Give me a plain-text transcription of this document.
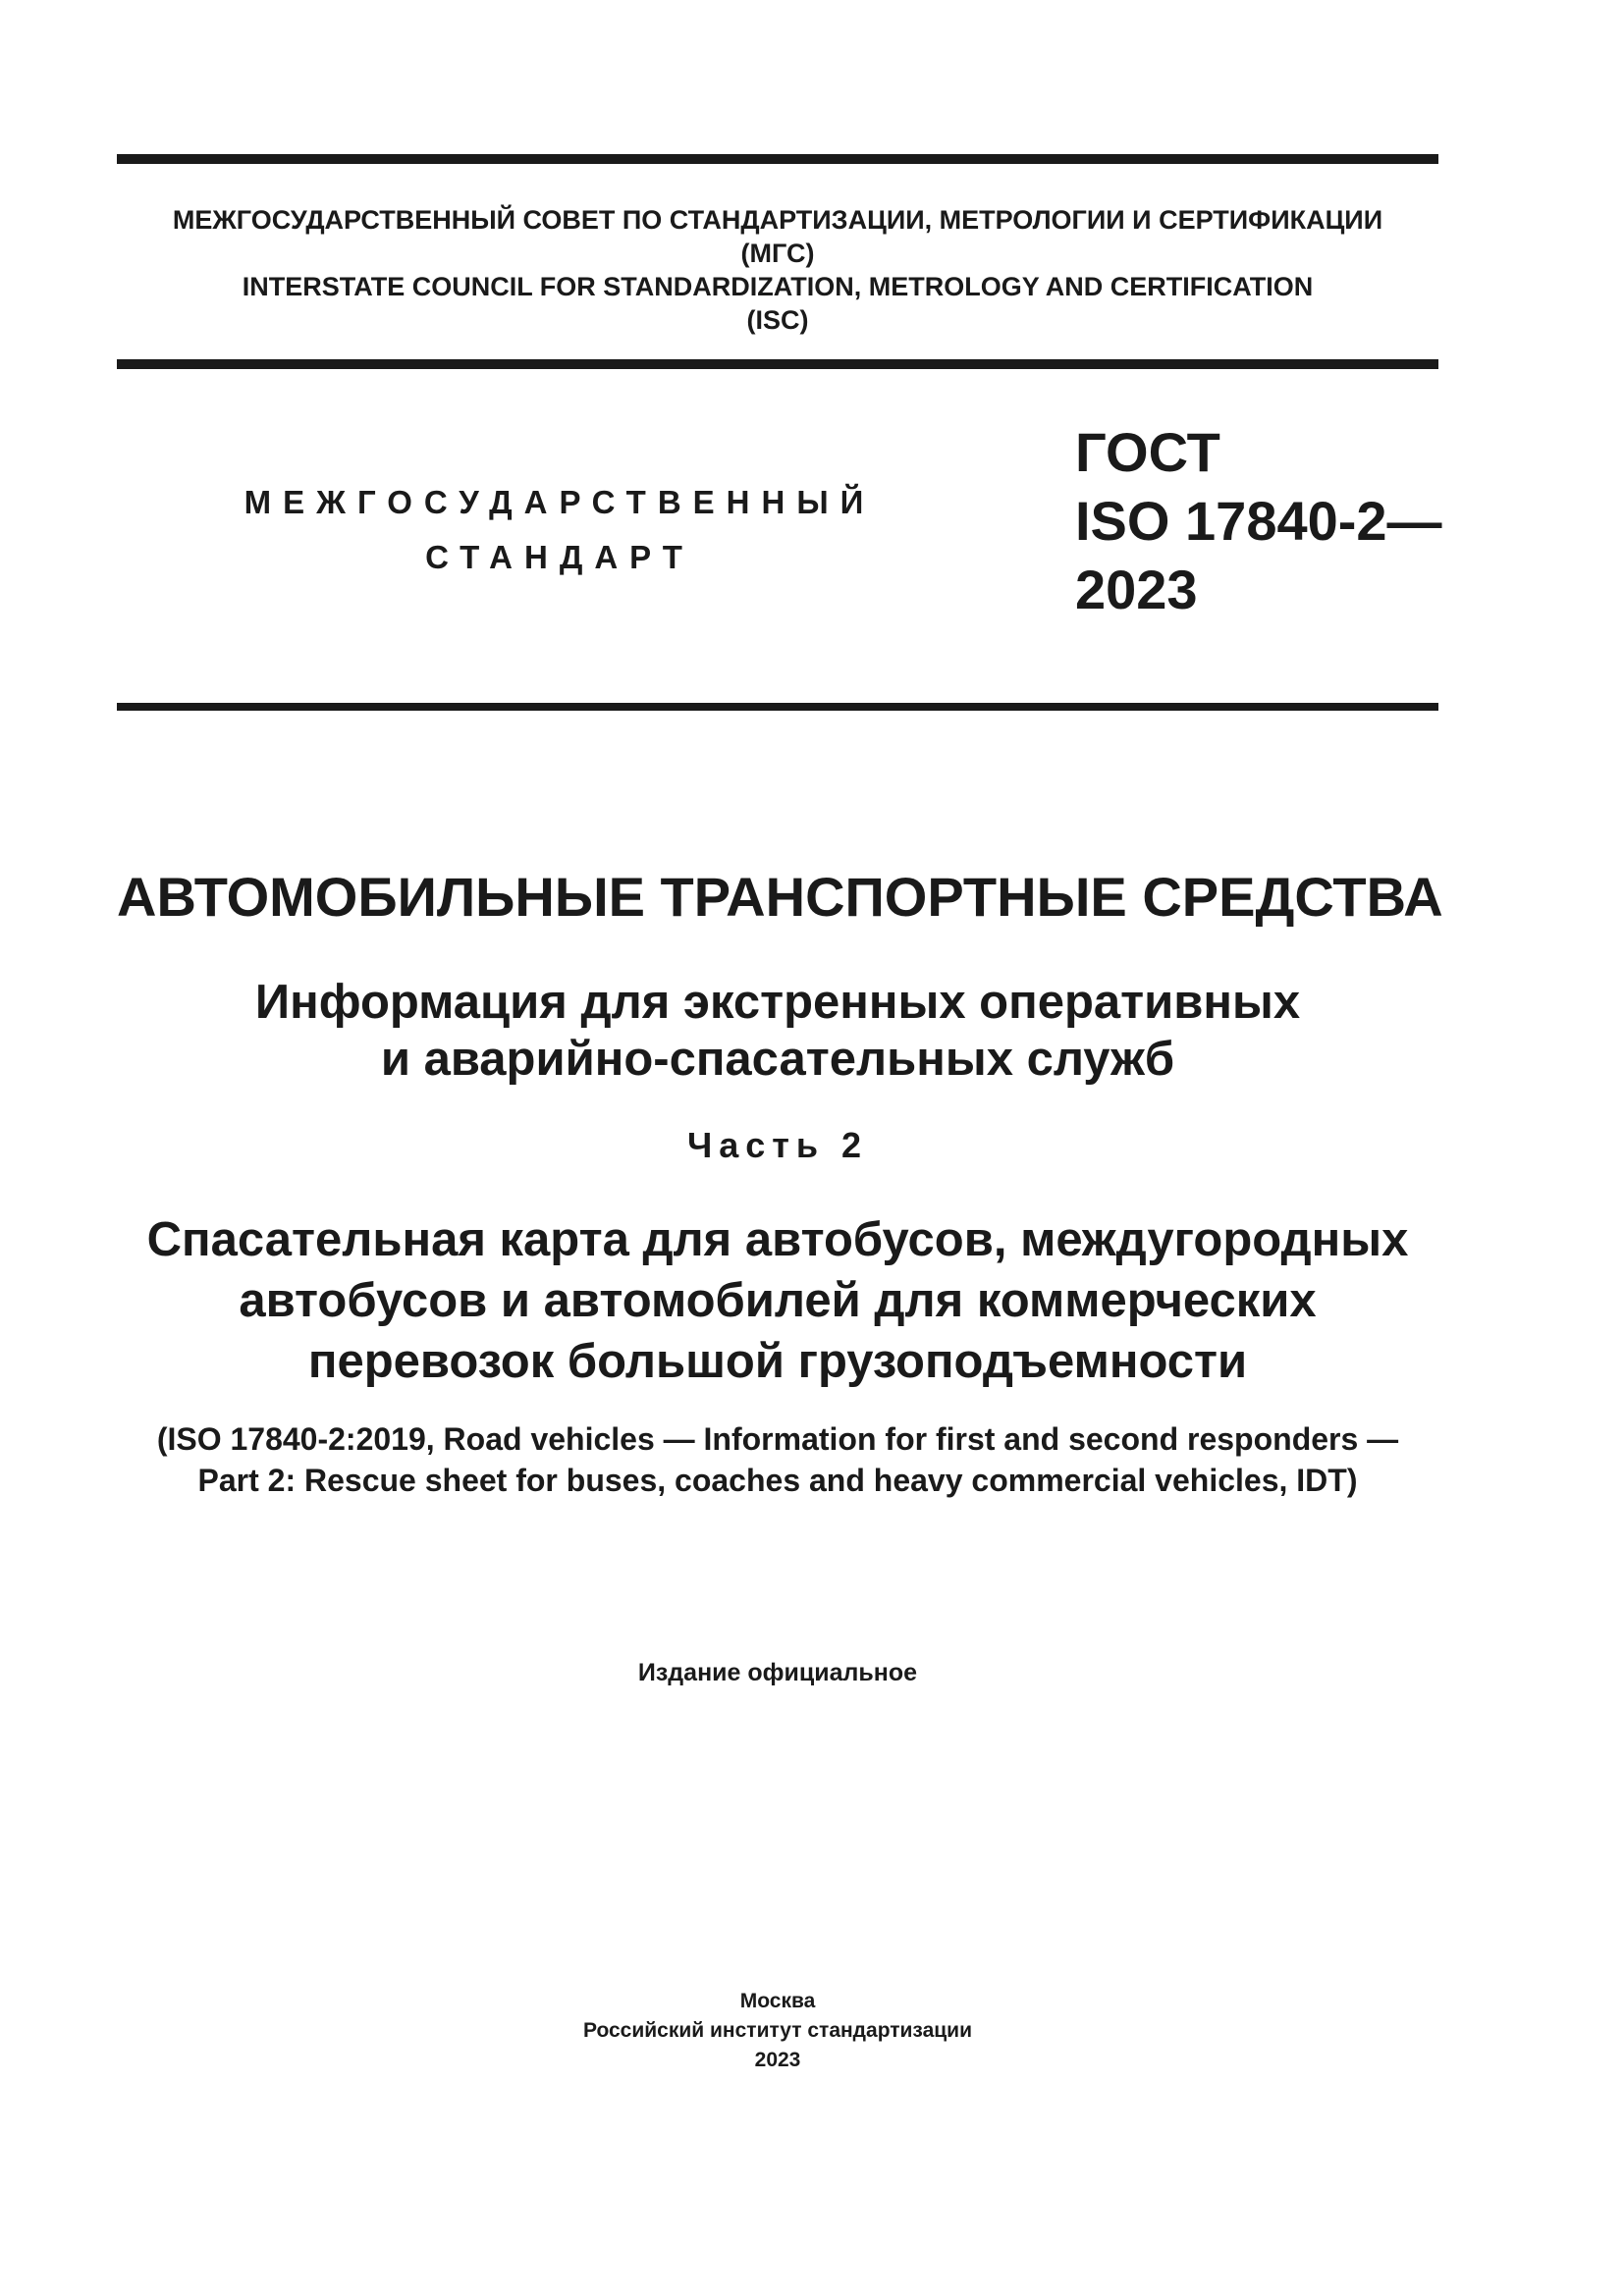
МЕЖГОСУДАРСТВЕННЫЙ СОВЕТ ПО СТАНДАРТИЗАЦИИ, МЕТРОЛОГИИ И СЕРТИФИКАЦИИ
(МГС)
INTERSTATE COUNCIL FOR STANDARDIZATION, METROLOGY AND CERTIFICATION
(ISC)
МЕЖГОСУДАРСТВЕННЫЙ
СТАНДАРТ
ГОСТ
ISO 17840-2—
2023
АВТОМОБИЛЬНЫЕ ТРАНСПОРТНЫЕ СРЕДСТВА
Информация для экстренных оперативных
и аварийно-спасательных служб
Часть 2
Спасательная карта для автобусов, междугородных
автобусов и автомобилей для коммерческих
перевозок большой грузоподъемности
(ISO 17840-2:2019, Road vehicles — Information for first and second responders —
Part 2: Rescue sheet for buses, coaches and heavy commercial vehicles, IDT)
Издание официальное
Москва
Российский институт стандартизации
2023
